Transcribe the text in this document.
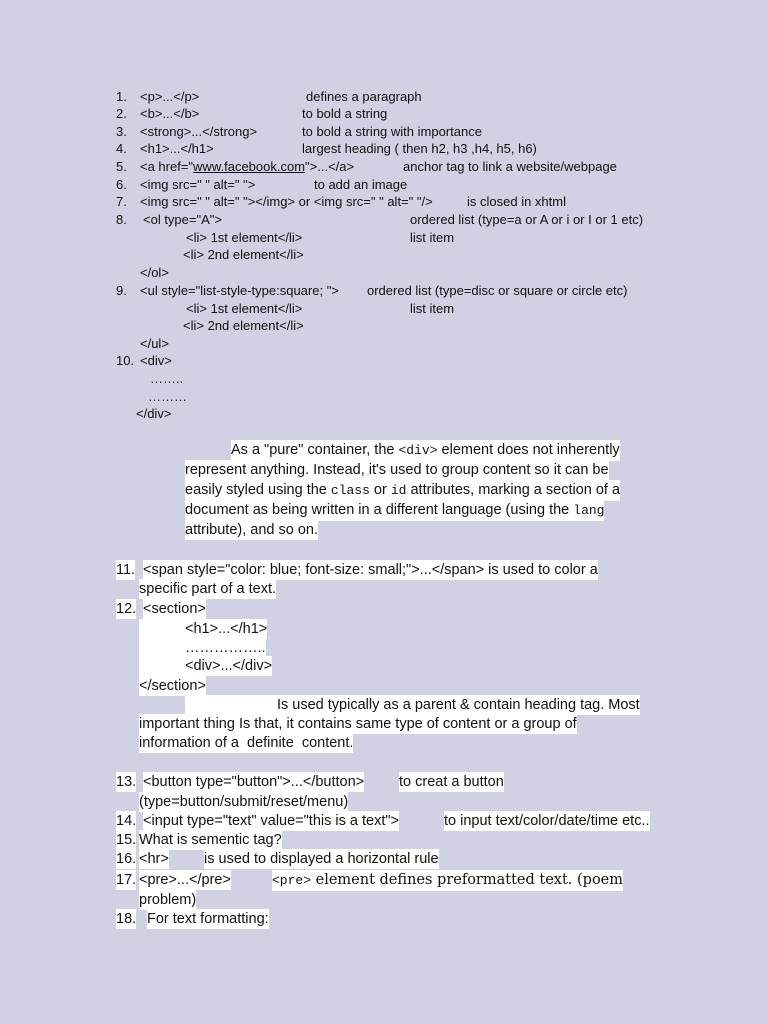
1. <p>...</p>	defines a paragraph
2. <b>...</b>	to bold a string
3. <strong>...</strong>	to bold a string with importance
4. <h1>...</h1>	largest heading ( then h2, h3 ,h4, h5, h6)
5. <a href="www.facebook.com">...</a>	anchor tag to link a website/webpage
6. <img src=" " alt=" ">	to add an image
7. <img src=" " alt=" "></img> or <img src=" " alt=" "/>	is closed in xhtml
8. <ol type="A">	ordered list (type=a or A or i or I or 1 etc)
<li> 1st element</li>	list item
<li> 2nd element</li>
</ol>
9. <ul style="list-style-type:square; "> ordered list (type=disc or square or circle etc)
<li> 1st element</li>	list item
<li> 2nd element</li>
</ul>
10. <div>
……..
………
</div>
As a "pure" container, the <div> element does not inherently
represent anything. Instead, it's used to group content so it can be
easily styled using the class or id attributes, marking a section of a
document as being written in a different language (using the lang
attribute), and so on.
11. <span style="color: blue; font-size: small;">...</span> is used to color a
specific part of a text.
12. <section>
<h1>...</h1>
……………..
<div>...</div>
</section>
Is used typically as a parent & contain heading tag. Most
important thing Is that, it contains same type of content or a group of
information of a  definite  content.
13. <button type="button">...</button> to creat a button
(type=button/submit/reset/menu)
14. <input type="text" value="this is a text">	to input text/color/date/time etc..
15. What is sementic tag?
16. <hr> is used to displayed a horizontal rule
17. <pre>...</pre>	<pre> element defines preformatted text. (poem
problem)
18. For text formatting:
